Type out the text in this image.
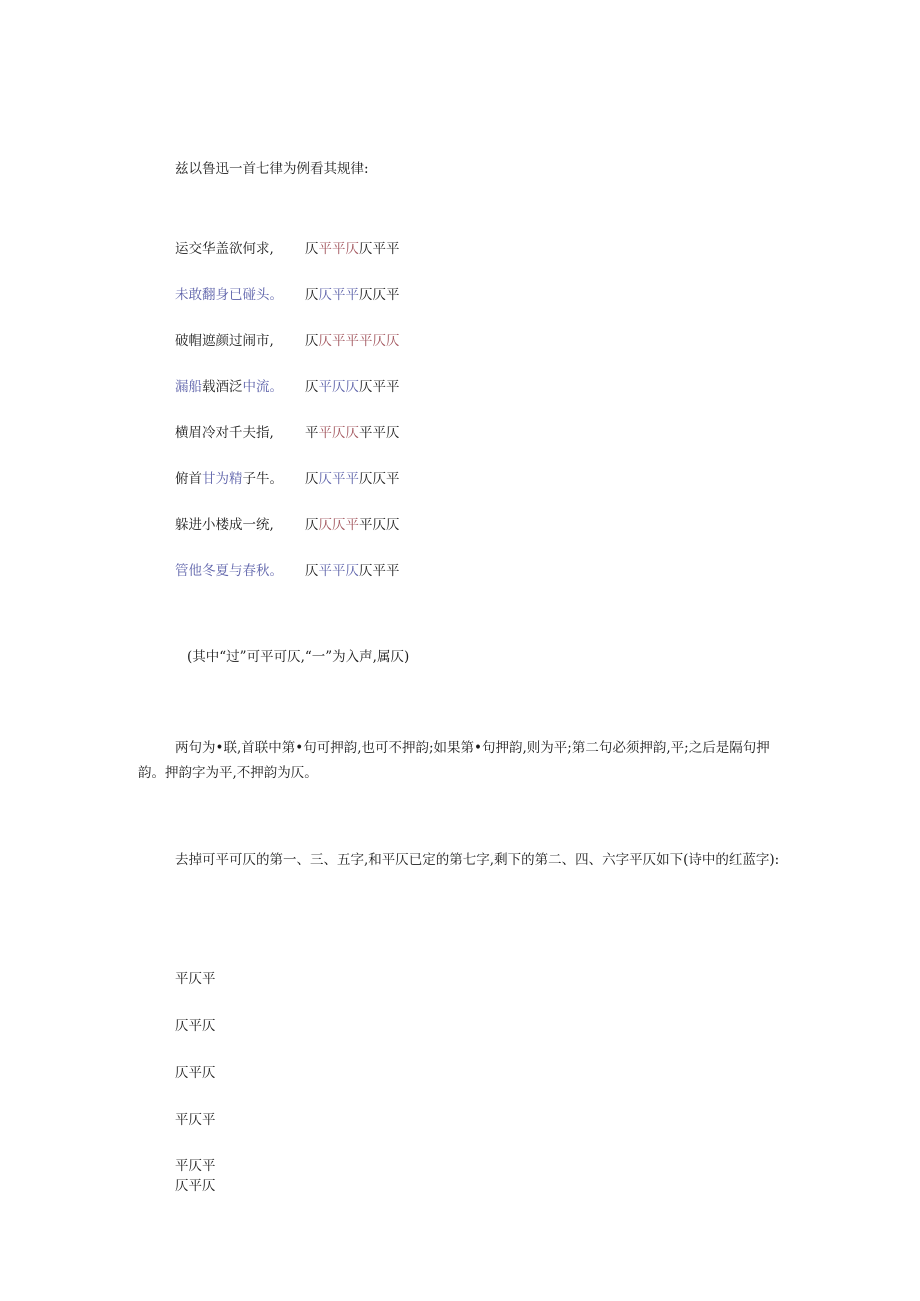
兹以鲁迅一首七律为例看其规律:
运交华盖欲何求, 仄平平仄仄平平
未敢翻身已碰头。 仄仄平平仄仄平
破帽遮颜过闹市, 仄仄平平平仄仄
漏船载酒泛中流。 仄平仄仄仄平平
横眉冷对千夫指, 平平仄仄平平仄
俯首甘为精子牛。 仄仄平平仄仄平
躲进小楼成一统, 仄仄仄平平仄仄
管他冬夏与春秋。 仄平平仄仄平平
(其中“过”可平可仄,“一”为入声,属仄)
两句为•联,首联中第•句可押韵,也可不押韵;如果第•句押韵,则为平;第二句必须押韵,平;之后是隔句押韵。押韵字为平,不押韵为仄。
去掉可平可仄的第一、三、五字,和平仄已定的第七字,剩下的第二、四、六字平仄如下(诗中的红蓝字):
平仄平
仄平仄
仄平仄
平仄平
平仄平
仄平仄
